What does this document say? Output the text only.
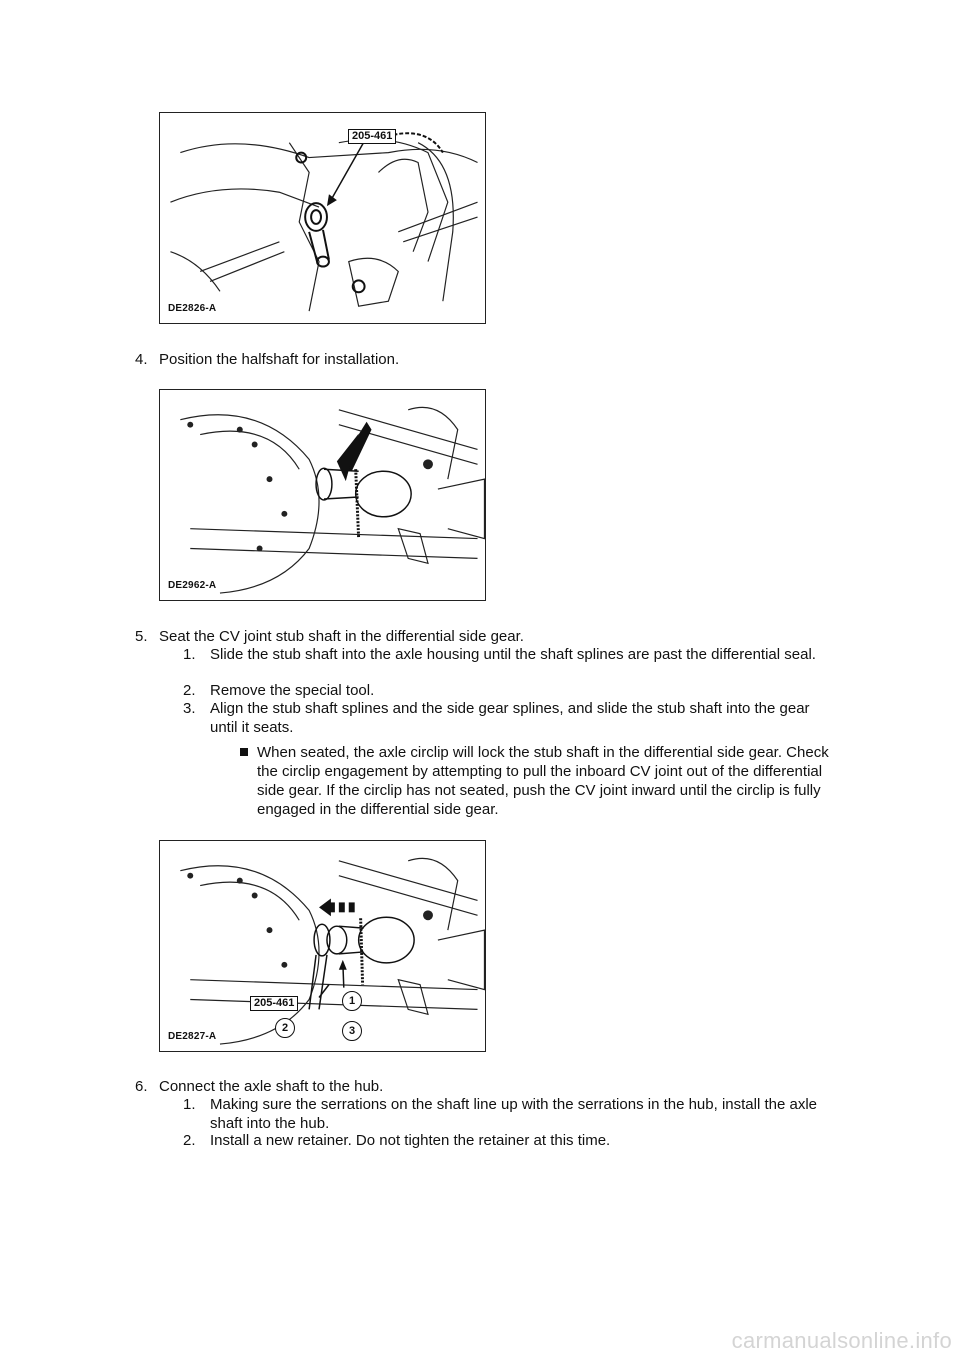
205-461
DE2826-A
4. Position the halfshaft for installation.
DE2962-A
5. Seat the CV joint stub shaft in the differential side gear.
1. Slide the stub shaft into the axle housing until the shaft splines are past the differential seal.
2. Remove the special tool.
3. Align the stub shaft splines and the side gear splines, and slide the stub shaft into the gear until it seats.
When seated, the axle circlip will lock the stub shaft in the differential side gear. Check the circlip engagement by attempting to pull the inboard CV joint out of the differential side gear. If the circlip has not seated, push the CV joint inward until the circlip is fully engaged in the differential side gear.
205-461	1
2	3
DE2827-A
6. Connect the axle shaft to the hub.
1. Making sure the serrations on the shaft line up with the serrations in the hub, install the axle shaft into the hub.
2. Install a new retainer. Do not tighten the retainer at this time.
carmanualsonline.info
